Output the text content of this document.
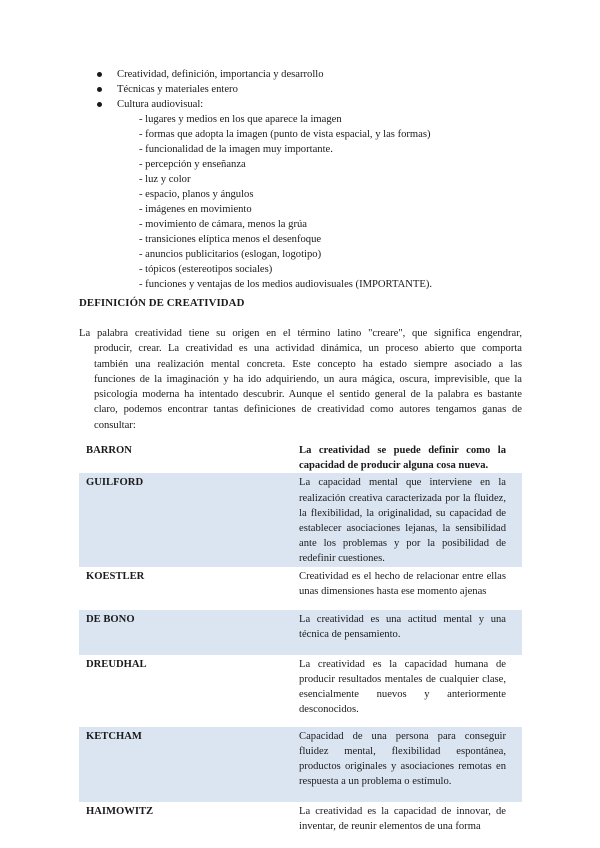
Creatividad, definición, importancia y desarrollo
Técnicas y materiales entero
Cultura audiovisual:
- lugares y medios en los que aparece la imagen
- formas que adopta la imagen (punto de vista espacial, y las formas)
- funcionalidad de la imagen muy importante.
- percepción y enseñanza
- luz y color
- espacio, planos y ángulos
- imágenes en movimiento
- movimiento de cámara, menos la grúa
- transiciones elíptica menos el desenfoque
- anuncios publicitarios (eslogan, logotipo)
- tópicos (estereotipos sociales)
- funciones y ventajas de los medios audiovisuales (IMPORTANTE).
DEFINICIÓN DE CREATIVIDAD
La palabra creatividad tiene su origen en el término latino "creare", que significa engendrar,
producir, crear. La creatividad es una actividad dinámica, un proceso abierto que comporta
también una realización mental concreta. Este concepto ha estado siempre asociado a las
funciones de la imaginación y ha ido adquiriendo, un aura mágica, oscura, imprevisible, que la
psicología moderna ha intentado descubrir. Aunque el sentido general de la palabra es bastante
claro, podemos encontrar tantas definiciones de creatividad como autores tengamos ganas de
consultar:
BARRON	La creatividad se puede definir como la capacidad de producir alguna cosa nueva.
GUILFORD	La capacidad mental que interviene en la realización creativa caracterizada por la fluidez, la flexibilidad, la originalidad, su capacidad de establecer asociaciones lejanas, la sensibilidad ante los problemas y por la posibilidad de redefinir cuestiones.
KOESTLER	Creatividad es el hecho de relacionar entre ellas unas dimensiones hasta ese momento ajenas
DE BONO	La creatividad es una actitud mental y una técnica de pensamiento.
DREUDHAL	La creatividad es la capacidad humana de producir resultados mentales de cualquier clase, esencialmente nuevos y anteriormente desconocidos.
KETCHAM	Capacidad de una persona para conseguir fluidez mental, flexibilidad espontánea, productos originales y asociaciones remotas en respuesta a un problema o estímulo.
HAIMOWITZ	La creatividad es la capacidad de innovar, de inventar, de reunir elementos de una forma
